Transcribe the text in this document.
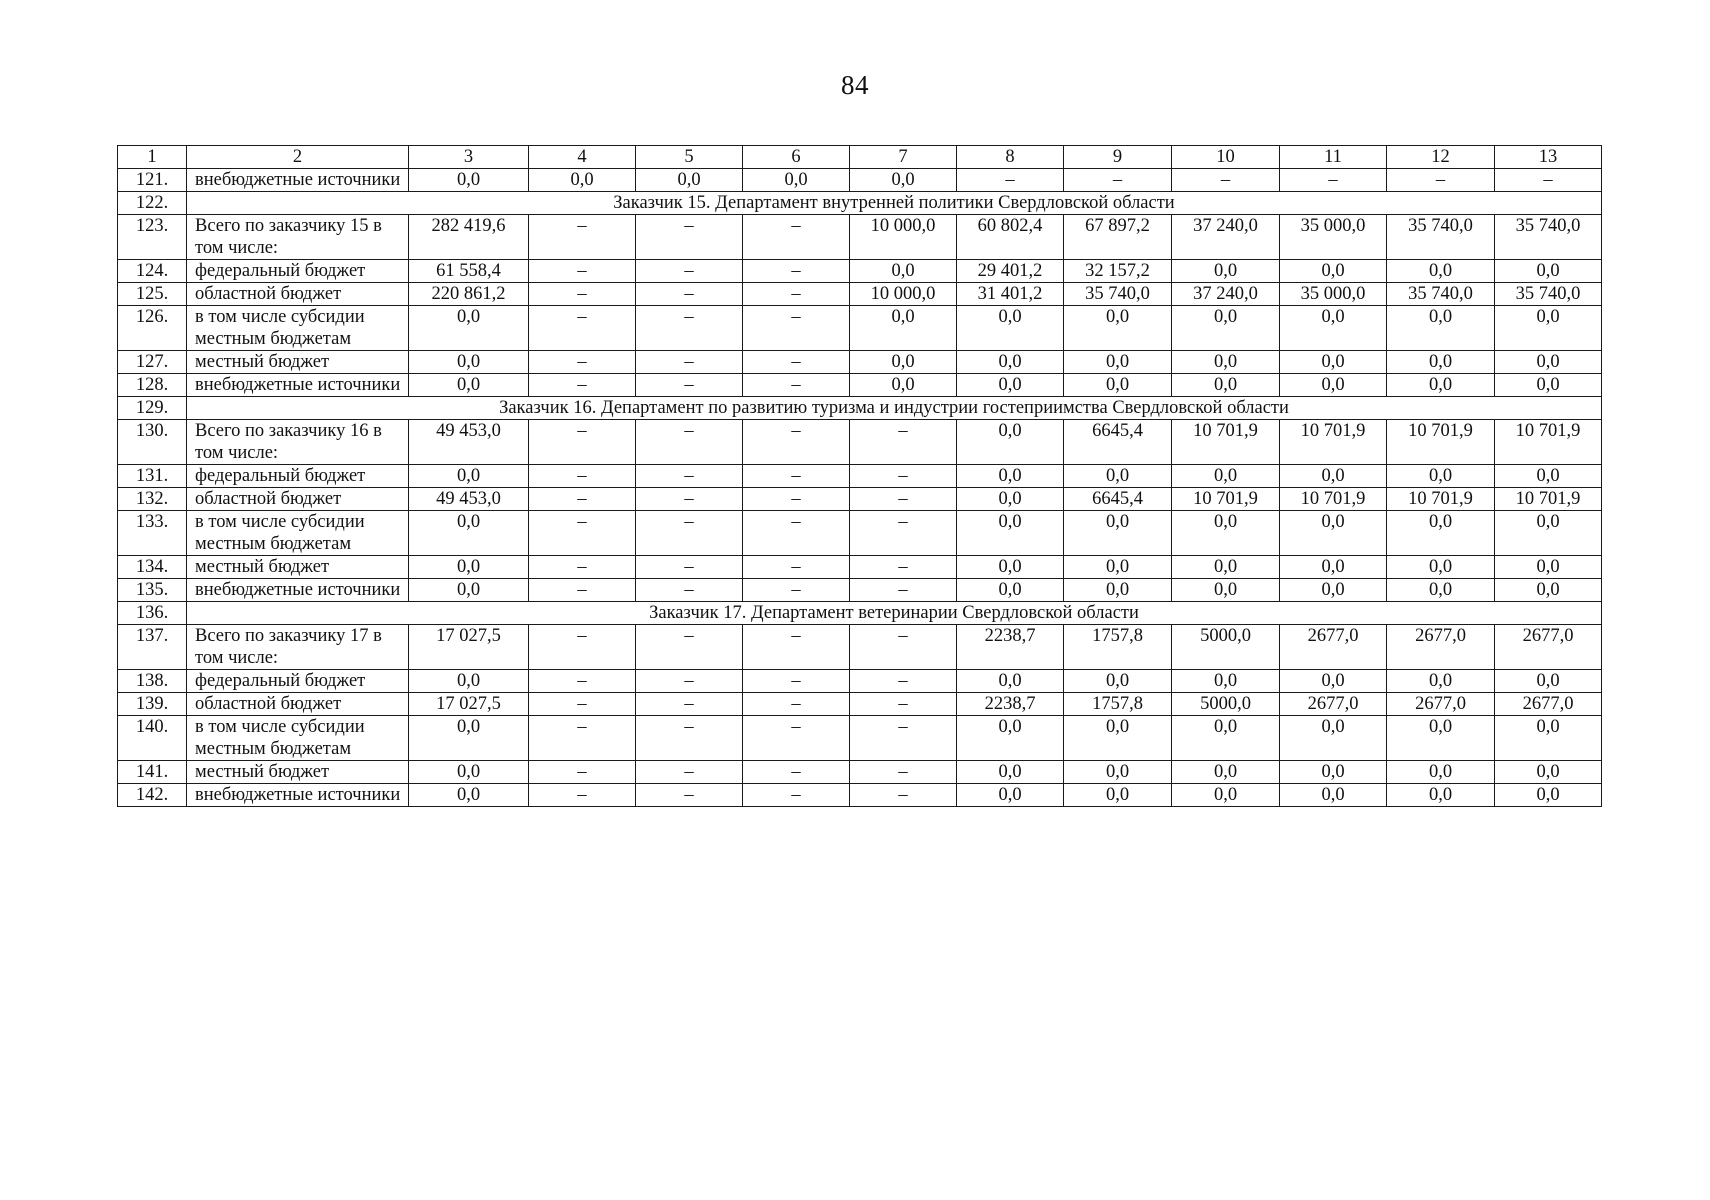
84
1	2	3	4	5	6	7	8	9	10	11	12	13
121.	внебюджетные источники	0,0	0,0	0,0	0,0	0,0	–	–	–	–	–	–
122.	Заказчик 15. Департамент внутренней политики Свердловской области											
123.	Всего по заказчику 15 в том числе:	282 419,6	–	–	–	10 000,0	60 802,4	67 897,2	37 240,0	35 000,0	35 740,0	35 740,0
124.	федеральный бюджет	61 558,4	–	–	–	0,0	29 401,2	32 157,2	0,0	0,0	0,0	0,0
125.	областной бюджет	220 861,2	–	–	–	10 000,0	31 401,2	35 740,0	37 240,0	35 000,0	35 740,0	35 740,0
126.	в том числе субсидии местным бюджетам	0,0	–	–	–	0,0	0,0	0,0	0,0	0,0	0,0	0,0
127.	местный бюджет	0,0	–	–	–	0,0	0,0	0,0	0,0	0,0	0,0	0,0
128.	внебюджетные источники	0,0	–	–	–	0,0	0,0	0,0	0,0	0,0	0,0	0,0
129.	Заказчик 16. Департамент по развитию туризма и индустрии гостеприимства Свердловской области											
130.	Всего по заказчику 16 в том числе:	49 453,0	–	–	–	–	0,0	6645,4	10 701,9	10 701,9	10 701,9	10 701,9
131.	федеральный бюджет	0,0	–	–	–	–	0,0	0,0	0,0	0,0	0,0	0,0
132.	областной бюджет	49 453,0	–	–	–	–	0,0	6645,4	10 701,9	10 701,9	10 701,9	10 701,9
133.	в том числе субсидии местным бюджетам	0,0	–	–	–	–	0,0	0,0	0,0	0,0	0,0	0,0
134.	местный бюджет	0,0	–	–	–	–	0,0	0,0	0,0	0,0	0,0	0,0
135.	внебюджетные источники	0,0	–	–	–	–	0,0	0,0	0,0	0,0	0,0	0,0
136.	Заказчик 17. Департамент ветеринарии Свердловской области											
137.	Всего по заказчику 17 в том числе:	17 027,5	–	–	–	–	2238,7	1757,8	5000,0	2677,0	2677,0	2677,0
138.	федеральный бюджет	0,0	–	–	–	–	0,0	0,0	0,0	0,0	0,0	0,0
139.	областной бюджет	17 027,5	–	–	–	–	2238,7	1757,8	5000,0	2677,0	2677,0	2677,0
140.	в том числе субсидии местным бюджетам	0,0	–	–	–	–	0,0	0,0	0,0	0,0	0,0	0,0
141.	местный бюджет	0,0	–	–	–	–	0,0	0,0	0,0	0,0	0,0	0,0
142.	внебюджетные источники	0,0	–	–	–	–	0,0	0,0	0,0	0,0	0,0	0,0
